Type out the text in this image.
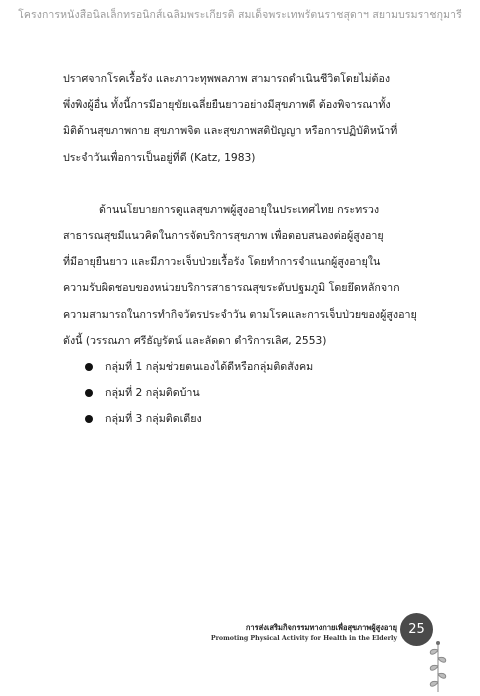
โครงการหนังสือนิลเล็กทรอนิกส์เฉลิมพระเกียรติ สมเด็จพระเทพรัตนราชสุดาฯ สยามบรมราชกุมารี
ปราศจากโรคเรื้อรัง และภาวะทุพพลภาพ สามารถดำเนินชีวิตโดยไม่ต้อง
พึ่งพิงผู้อื่น ทั้งนี้การมีอายุขัยเฉลี่ยยืนยาวอย่างมีสุขภาพดี ต้องพิจารณาทั้ง
มิติด้านสุขภาพกาย สุขภาพจิต และสุขภาพสติปัญญา หรือการปฏิบัติหน้าที่
ประจำวันเพื่อการเป็นอยู่ที่ดี (Katz, 1983)
ด้านนโยบายการดูแลสุขภาพผู้สูงอายุในประเทศไทย กระทรวง
สาธารณสุขมีแนวคิดในการจัดบริการสุขภาพ เพื่อตอบสนองต่อผู้สูงอายุ
ที่มีอายุยืนยาว และมีภาวะเจ็บป่วยเรื้อรัง โดยทำการจำแนกผู้สูงอายุใน
ความรับผิดชอบของหน่วยบริการสาธารณสุขระดับปฐมภูมิ โดยยึดหลักจาก
ความสามารถในการทำกิจวัตรประจำวัน ตามโรคและการเจ็บป่วยของผู้สูงอายุ
ดังนี้ (วรรณภา ศรีธัญรัตน์ และลัดดา ดำริการเลิศ, 2553)
กลุ่มที่ 1 กลุ่มช่วยตนเองได้ดีหรือกลุ่มติดสังคม
กลุ่มที่ 2 กลุ่มติดบ้าน
กลุ่มที่ 3 กลุ่มติดเตียง
การส่งเสริมกิจกรรมทางกายเพื่อสุขภาพผู้สูงอายุ
Promoting Physical Activity for Health in the Elderly
25
